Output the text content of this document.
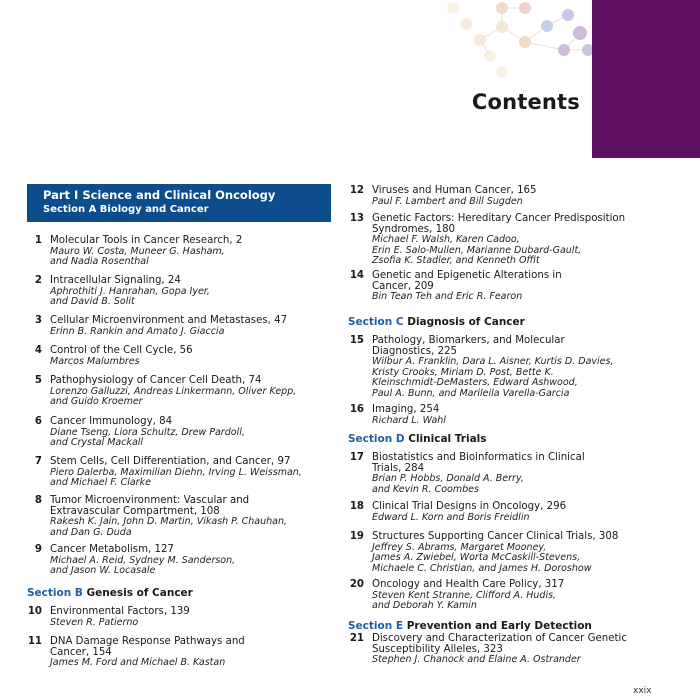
Contents
Part I Science and Clinical Oncology
Section A Biology and Cancer
1 Molecular Tools in Cancer Research, 2
Mauro W. Costa, Muneer G. Hasham,
and Nadia Rosenthal
2 Intracellular Signaling, 24
Aphrothiti J. Hanrahan, Gopa Iyer,
and David B. Solit
3 Cellular Microenvironment and Metastases, 47
Erinn B. Rankin and Amato J. Giaccia
4 Control of the Cell Cycle, 56
Marcos Malumbres
5 Pathophysiology of Cancer Cell Death, 74
Lorenzo Galluzzi, Andreas Linkermann, Oliver Kepp,
and Guido Kroemer
6 Cancer Immunology, 84
Diane Tseng, Liora Schultz, Drew Pardoll,
and Crystal Mackall
7 Stem Cells, Cell Differentiation, and Cancer, 97
Piero Dalerba, Maximilian Diehn, Irving L. Weissman,
and Michael F. Clarke
8 Tumor Microenvironment: Vascular and
Extravascular Compartment, 108
Rakesh K. Jain, John D. Martin, Vikash P. Chauhan,
and Dan G. Duda
9 Cancer Metabolism, 127
Michael A. Reid, Sydney M. Sanderson,
and Jason W. Locasale
10 Environmental Factors, 139
Steven R. Patierno
11 DNA Damage Response Pathways and
Cancer, 154
James M. Ford and Michael B. Kastan
12 Viruses and Human Cancer, 165
Paul F. Lambert and Bill Sugden
13 Genetic Factors: Hereditary Cancer Predisposition
Syndromes, 180
Michael F. Walsh, Karen Cadoo,
Erin E. Salo-Mullen, Marianne Dubard-Gault,
Zsofia K. Stadler, and Kenneth Offit
14 Genetic and Epigenetic Alterations in
Cancer, 209
Bin Tean Teh and Eric R. Fearon
15 Pathology, Biomarkers, and Molecular
Diagnostics, 225
Wilbur A. Franklin, Dara L. Aisner, Kurtis D. Davies,
Kristy Crooks, Miriam D. Post, Bette K.
Kleinschmidt-DeMasters, Edward Ashwood,
Paul A. Bunn, and Marileila Varella-Garcia
16 Imaging, 254
Richard L. Wahl
17 Biostatistics and Bioinformatics in Clinical
Trials, 284
Brian P. Hobbs, Donald A. Berry,
and Kevin R. Coombes
18 Clinical Trial Designs in Oncology, 296
Edward L. Korn and Boris Freidlin
19 Structures Supporting Cancer Clinical Trials, 308
Jeffrey S. Abrams, Margaret Mooney,
James A. Zwiebel, Worta McCaskill-Stevens,
Michaele C. Christian, and James H. Doroshow
20 Oncology and Health Care Policy, 317
Steven Kent Stranne, Clifford A. Hudis,
and Deborah Y. Kamin
21 Discovery and Characterization of Cancer Genetic
Susceptibility Alleles, 323
Stephen J. Chanock and Elaine A. Ostrander
Section B Genesis of Cancer
Section C Diagnosis of Cancer
Section D Clinical Trials
Section E Prevention and Early Detection
xxix
